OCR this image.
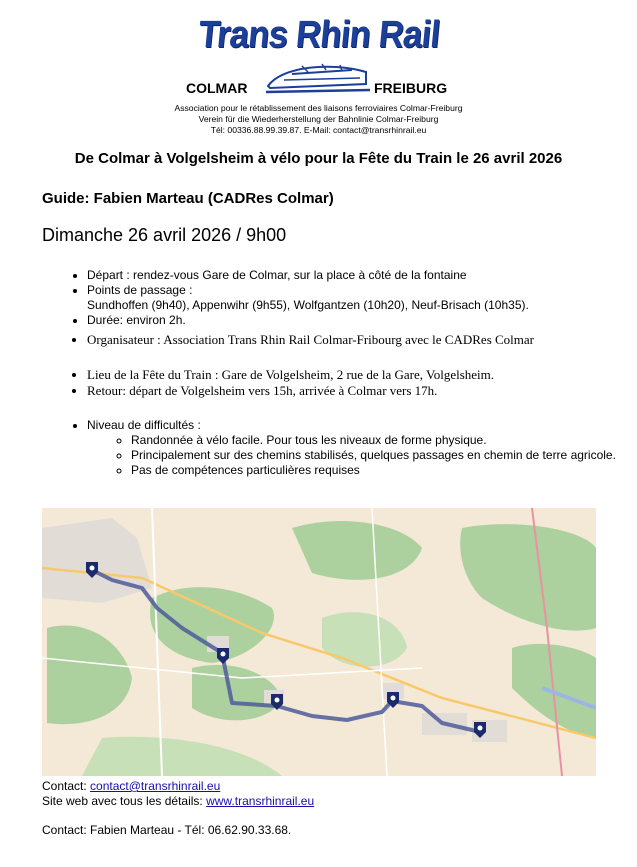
Trans Rhin Rail
COLMAR	FREIBURG
Association pour le rétablissement des liaisons ferroviaires Colmar-Freiburg
Verein für die Wiederherstellung der Bahnlinie Colmar-Freiburg
Tél: 00336.88.99.39.87. E-Mail: contact@transrhinrail.eu
De Colmar à Volgelsheim à vélo pour la Fête du Train le 26 avril 2026
Guide: Fabien Marteau (CADRes Colmar)
Dimanche 26 avril 2026 / 9h00
• Départ : rendez-vous Gare de Colmar, sur la place à côté de la fontaine
• Points de passage :
Sundhoffen (9h40), Appenwihr (9h55), Wolfgantzen (10h20), Neuf-Brisach (10h35).
• Durée: environ 2h.
• Organisateur : Association Trans Rhin Rail Colmar-Fribourg avec le CADRes Colmar
• Lieu de la Fête du Train : Gare de Volgelsheim, 2 rue de la Gare, Volgelsheim.
• Retour: départ de Volgelsheim vers 15h, arrivée à Colmar vers 17h.
• Niveau de difficultés :
◦ Randonnée à vélo facile. Pour tous les niveaux de forme physique.
◦ Principalement sur des chemins stabilisés, quelques passages en chemin de terre agricole.
◦ Pas de compétences particulières requises
Contact: contact@transrhinrail.eu
Site web avec tous les détails: www.transrhinrail.eu
Contact: Fabien Marteau - Tél: 06.62.90.33.68.
